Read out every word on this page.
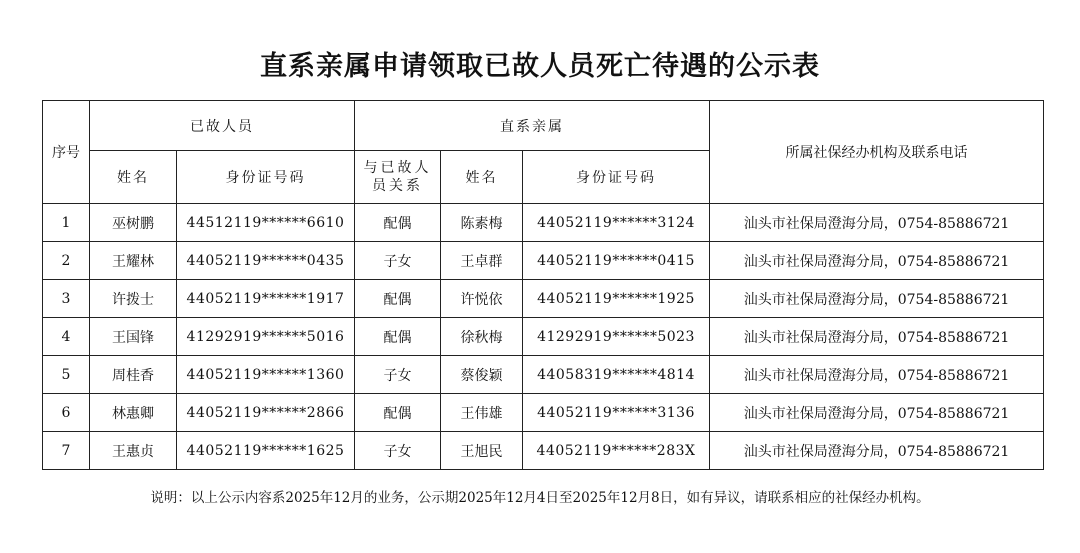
直系亲属申请领取已故人员死亡待遇的公示表
序号	已故人员		直系亲属			所属社保经办机构及联系电话
	姓名	身份证号码	与已故人员关系	姓名	身份证号码	
1	巫树鹏	44512119******6610	配偶	陈素梅	44052119******3124	汕头市社保局澄海分局，0754-85886721
2	王耀林	44052119******0435	子女	王卓群	44052119******0415	汕头市社保局澄海分局，0754-85886721
3	许拨士	44052119******1917	配偶	许悦依	44052119******1925	汕头市社保局澄海分局，0754-85886721
4	王国锋	41292919******5016	配偶	徐秋梅	41292919******5023	汕头市社保局澄海分局，0754-85886721
5	周桂香	44052119******1360	子女	蔡俊颖	44058319******4814	汕头市社保局澄海分局，0754-85886721
6	林惠卿	44052119******2866	配偶	王伟雄	44052119******3136	汕头市社保局澄海分局，0754-85886721
7	王惠贞	44052119******1625	子女	王旭民	44052119******283X	汕头市社保局澄海分局，0754-85886721
说明：以上公示内容系2025年12月的业务，公示期2025年12月4日至2025年12月8日，如有异议，请联系相应的社保经办机构。
